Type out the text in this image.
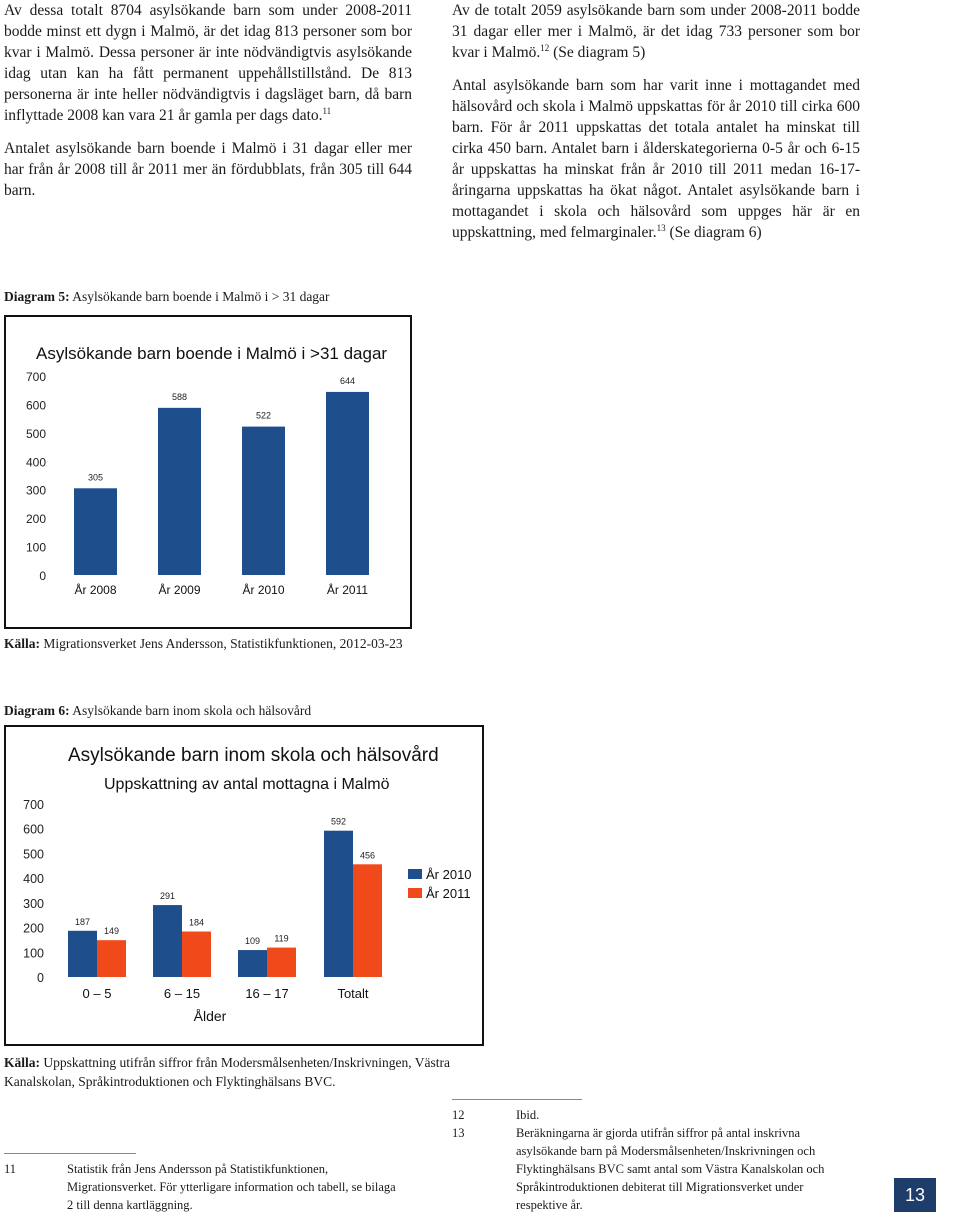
Av dessa totalt 8704 asylsökande barn som under 2008-2011 bodde minst ett dygn i Malmö, är det idag 813 personer som bor kvar i Malmö. Dessa personer är inte nödvändigtvis asylsökande idag utan kan ha fått permanent uppehållstillstånd. De 813 personerna är inte heller nödvändigtvis i dagsläget barn, då barn inflyttade 2008 kan vara 21 år gamla per dags dato.$^{11}$

Antalet asylsökande barn boende i Malmö i 31 dagar eller mer har från år 2008 till år 2011 mer än fördubblats, från 305 till 644 barn.

Av de totalt 2059 asylsökande barn som under 2008-2011 bodde 31 dagar eller mer i Malmö, är det idag 733 personer som bor kvar i Malmö.$^{12}$ (Se diagram 5)

Antal asylsökande barn som har varit inne i mottagandet med hälsovård och skola i Malmö uppskattas för år 2010 till cirka 600 barn. För år 2011 uppskattas det totala antalet ha minskat till cirka 450 barn. Antalet barn i ålderskategorierna 0-5 år och 6-15 år uppskattas ha minskat från år 2010 till 2011 medan 16-17-åringarna uppskattas ha ökat något. Antalet asylsökande barn i mottagandet i skola och hälsovård som uppges här är en uppskattning, med felmarginaler.$^{13}$ (Se diagram 6)

Diagram 5: Asylsökande barn boende i Malmö i > 31 dagar
Asylsökande barn boende i Malmö i >31 dagar
0
100
200
300
400
500
600
700
305
År 2008
588
År 2009
522
År 2010
644
År 2011
Källa: Migrationsverket Jens Andersson, Statistikfunktionen, 2012-03-23
Diagram 6: Asylsökande barn inom skola och hälsovård
Asylsökande barn inom skola och hälsovård
Uppskattning av antal mottagna i Malmö
0
100
200
300
400
500
600
700
187
149
0 – 5
291
184
6 – 15
109 119
16 – 17
592
456
Totalt
Ålder
År 2010
År 2011
Källa: Uppskattning utifrån siffror från Modersmålsenheten/Inskrivningen, Västra Kanalskolan, Språkintroduktionen och Flyktinghälsans BVC.
11	Statistik från Jens Andersson på Statistikfunktionen, Migrationsverket. För ytterligare information och tabell, se bilaga 2 till denna kartläggning.
12	Ibid.
13	Beräkningarna är gjorda utifrån siffror på antal inskrivna asylsökande barn på Modersmålsenheten/Inskrivningen och Flyktinghälsans BVC samt antal som Västra Kanalskolan och Språkintroduktionen debiterat till Migrationsverket under respektive år.	13
